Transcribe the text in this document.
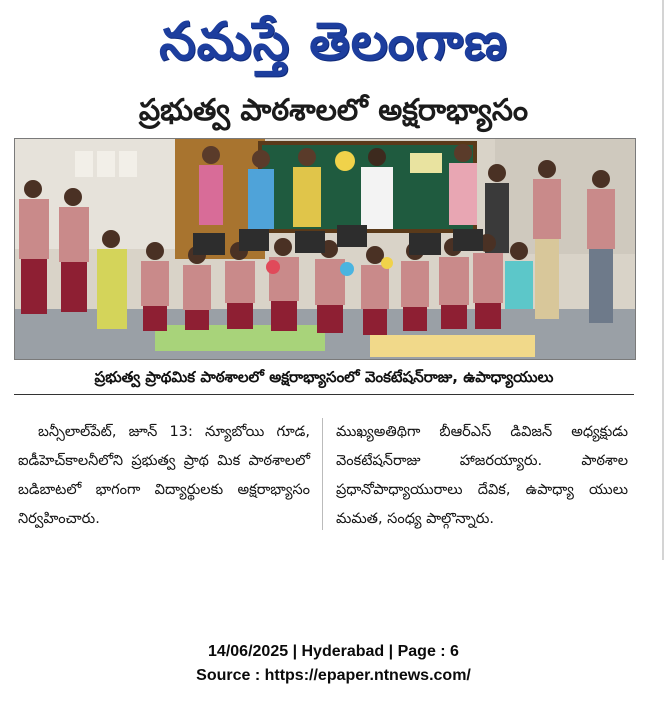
నమస్తే తెలంగాణ
ప్రభుత్వ పాఠశాలలో అక్షరాభ్యాసం
ప్రభుత్వ ప్రాథమిక పాఠశాలలో అక్షరాభ్యాసంలో వెంకటేషన్‌రాజు, ఉపాధ్యాయులు
బన్సీలాల్‌పేట్, జూన్ 13: న్యూబోయి గూడ, ఐడీహెచ్‌కాలనీలోని ప్రభుత్వ ప్రాథ మిక పాఠశాలలో బడిబాటలో భాగంగా విద్యార్థులకు అక్షరాభ్యాసం నిర్వహించారు.
ముఖ్యఅతిథిగా బీఆర్‌ఎస్ డివిజన్ అధ్యక్షుడు వెంకటేషన్‌రాజు హాజరయ్యారు. పాఠశాల ప్రధానోపాధ్యాయురాలు దేవిక, ఉపాధ్యా యులు మమత, సంధ్య పాల్గొన్నారు.
14/06/2025 | Hyderabad | Page : 6
Source : https://epaper.ntnews.com/
